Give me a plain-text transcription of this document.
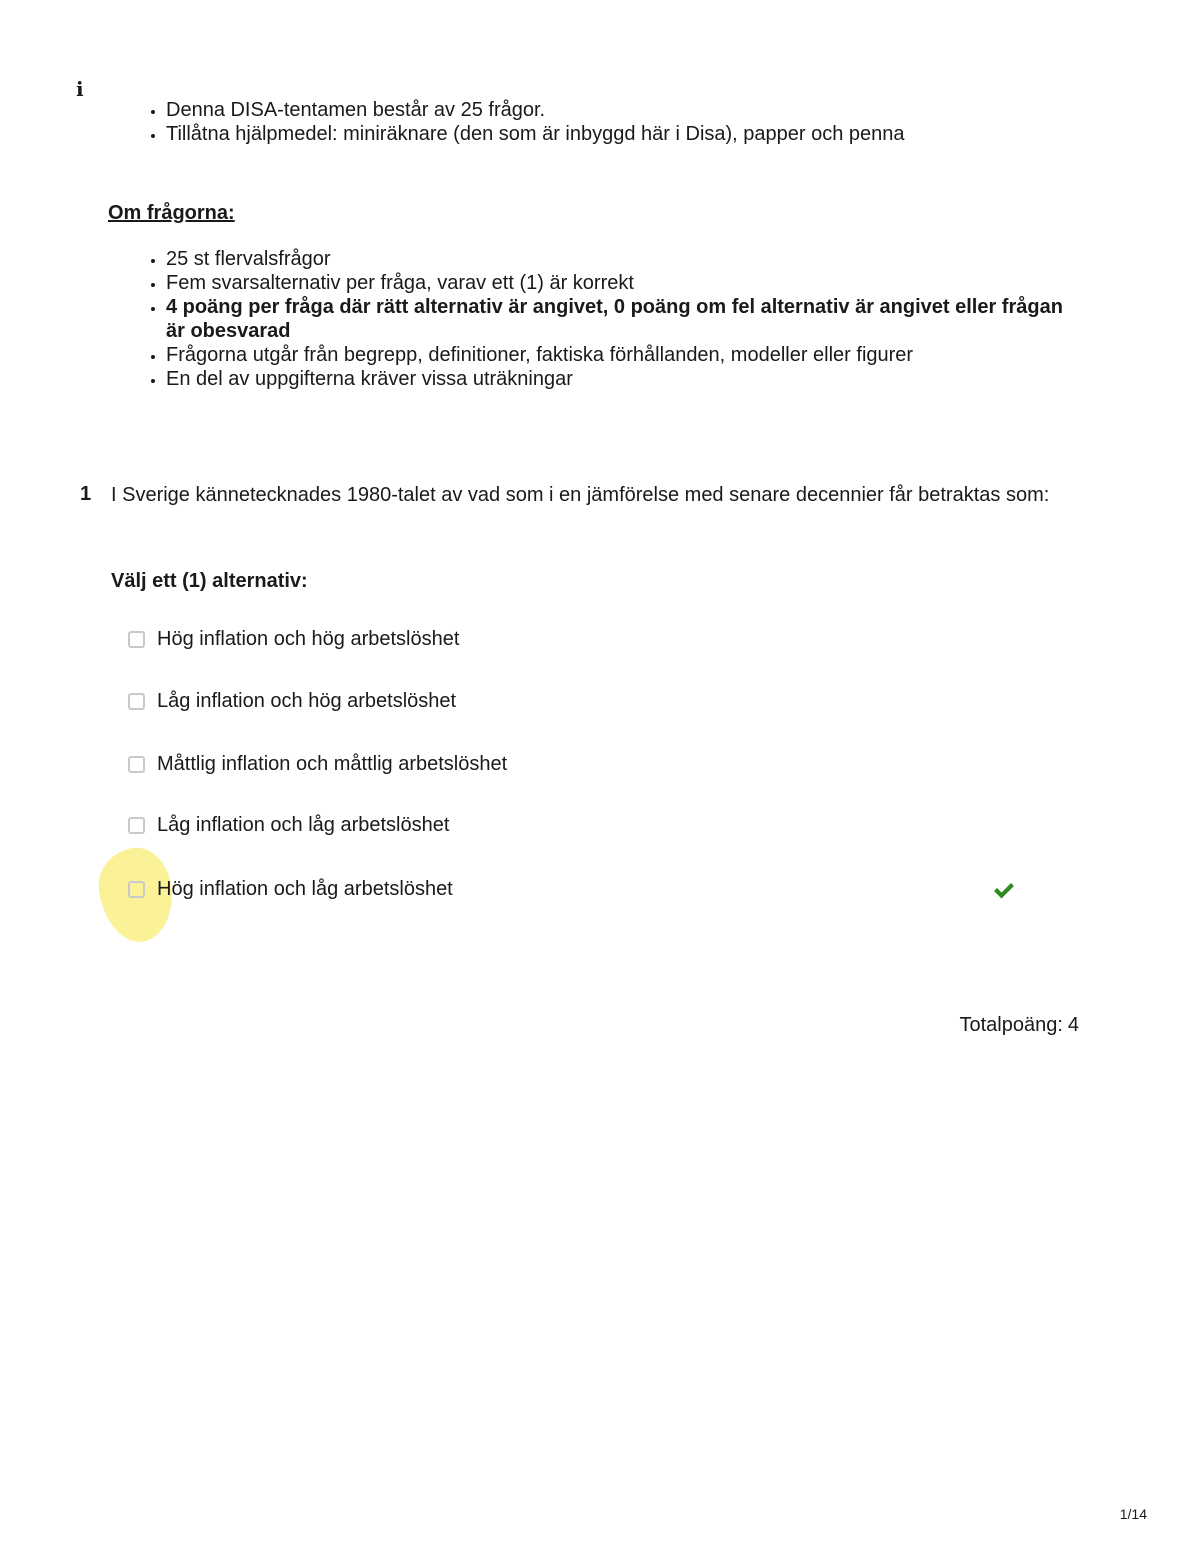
i
• Denna DISA-tentamen består av 25 frågor.
• Tillåtna hjälpmedel: miniräknare (den som är inbyggd här i Disa), papper och penna
Om frågorna:
• 25 st flervalsfrågor
• Fem svarsalternativ per fråga, varav ett (1) är korrekt
• 4 poäng per fråga där rätt alternativ är angivet, 0 poäng om fel alternativ är angivet eller frågan är obesvarad
• Frågorna utgår från begrepp, definitioner, faktiska förhållanden, modeller eller figurer
• En del av uppgifterna kräver vissa uträkningar
1 I Sverige kännetecknades 1980-talet av vad som i en jämförelse med senare decennier får betraktas som:
Välj ett (1) alternativ:
Hög inflation och hög arbetslöshet
Låg inflation och hög arbetslöshet
Måttlig inflation och måttlig arbetslöshet
Låg inflation och låg arbetslöshet
Hög inflation och låg arbetslöshet
Totalpoäng: 4
1/14
